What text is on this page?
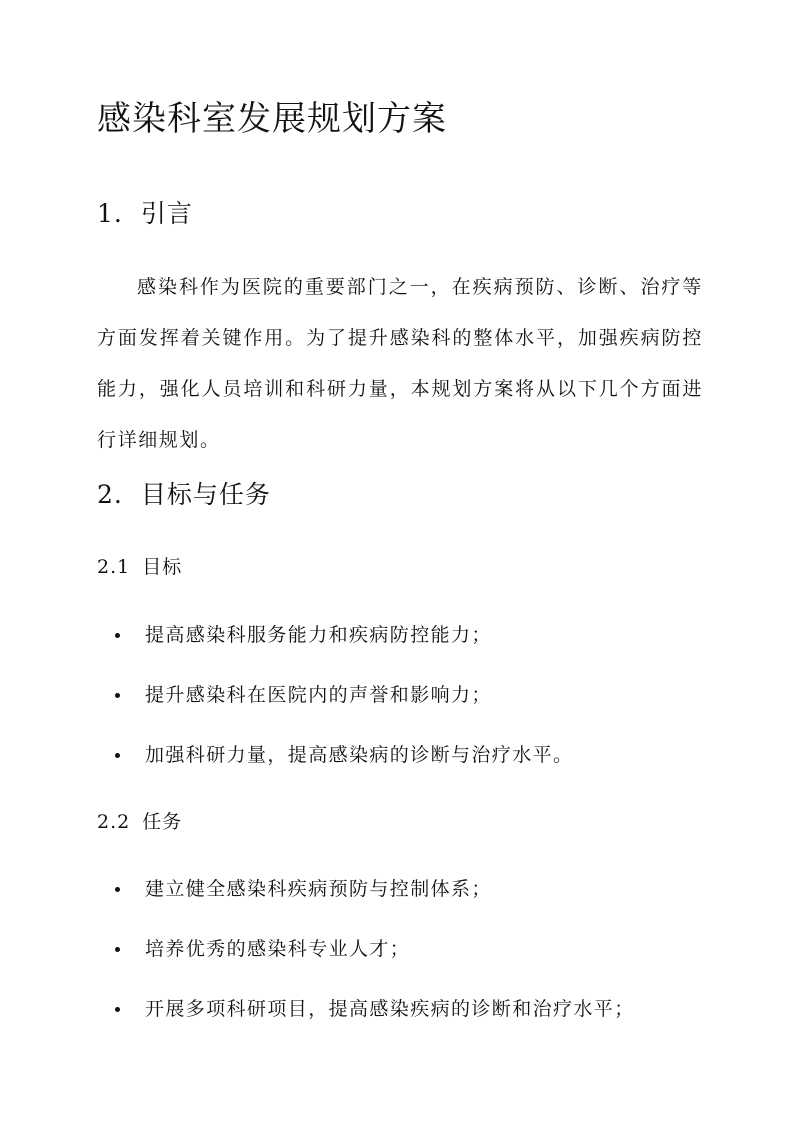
感染科室发展规划方案
1. 引言

感染科作为医院的重要部门之一，在疾病预防、诊断、治疗等方面发挥着关键作用。为了提升感染科的整体水平，加强疾病防控能力，强化人员培训和科研力量，本规划方案将从以下几个方面进行详细规划。

2. 目标与任务
2.1 目标
提高感染科服务能力和疾病防控能力；
提升感染科在医院内的声誉和影响力；
加强科研力量，提高感染病的诊断与治疗水平。
2.2 任务
建立健全感染科疾病预防与控制体系；
培养优秀的感染科专业人才；
开展多项科研项目，提高感染疾病的诊断和治疗水平；
